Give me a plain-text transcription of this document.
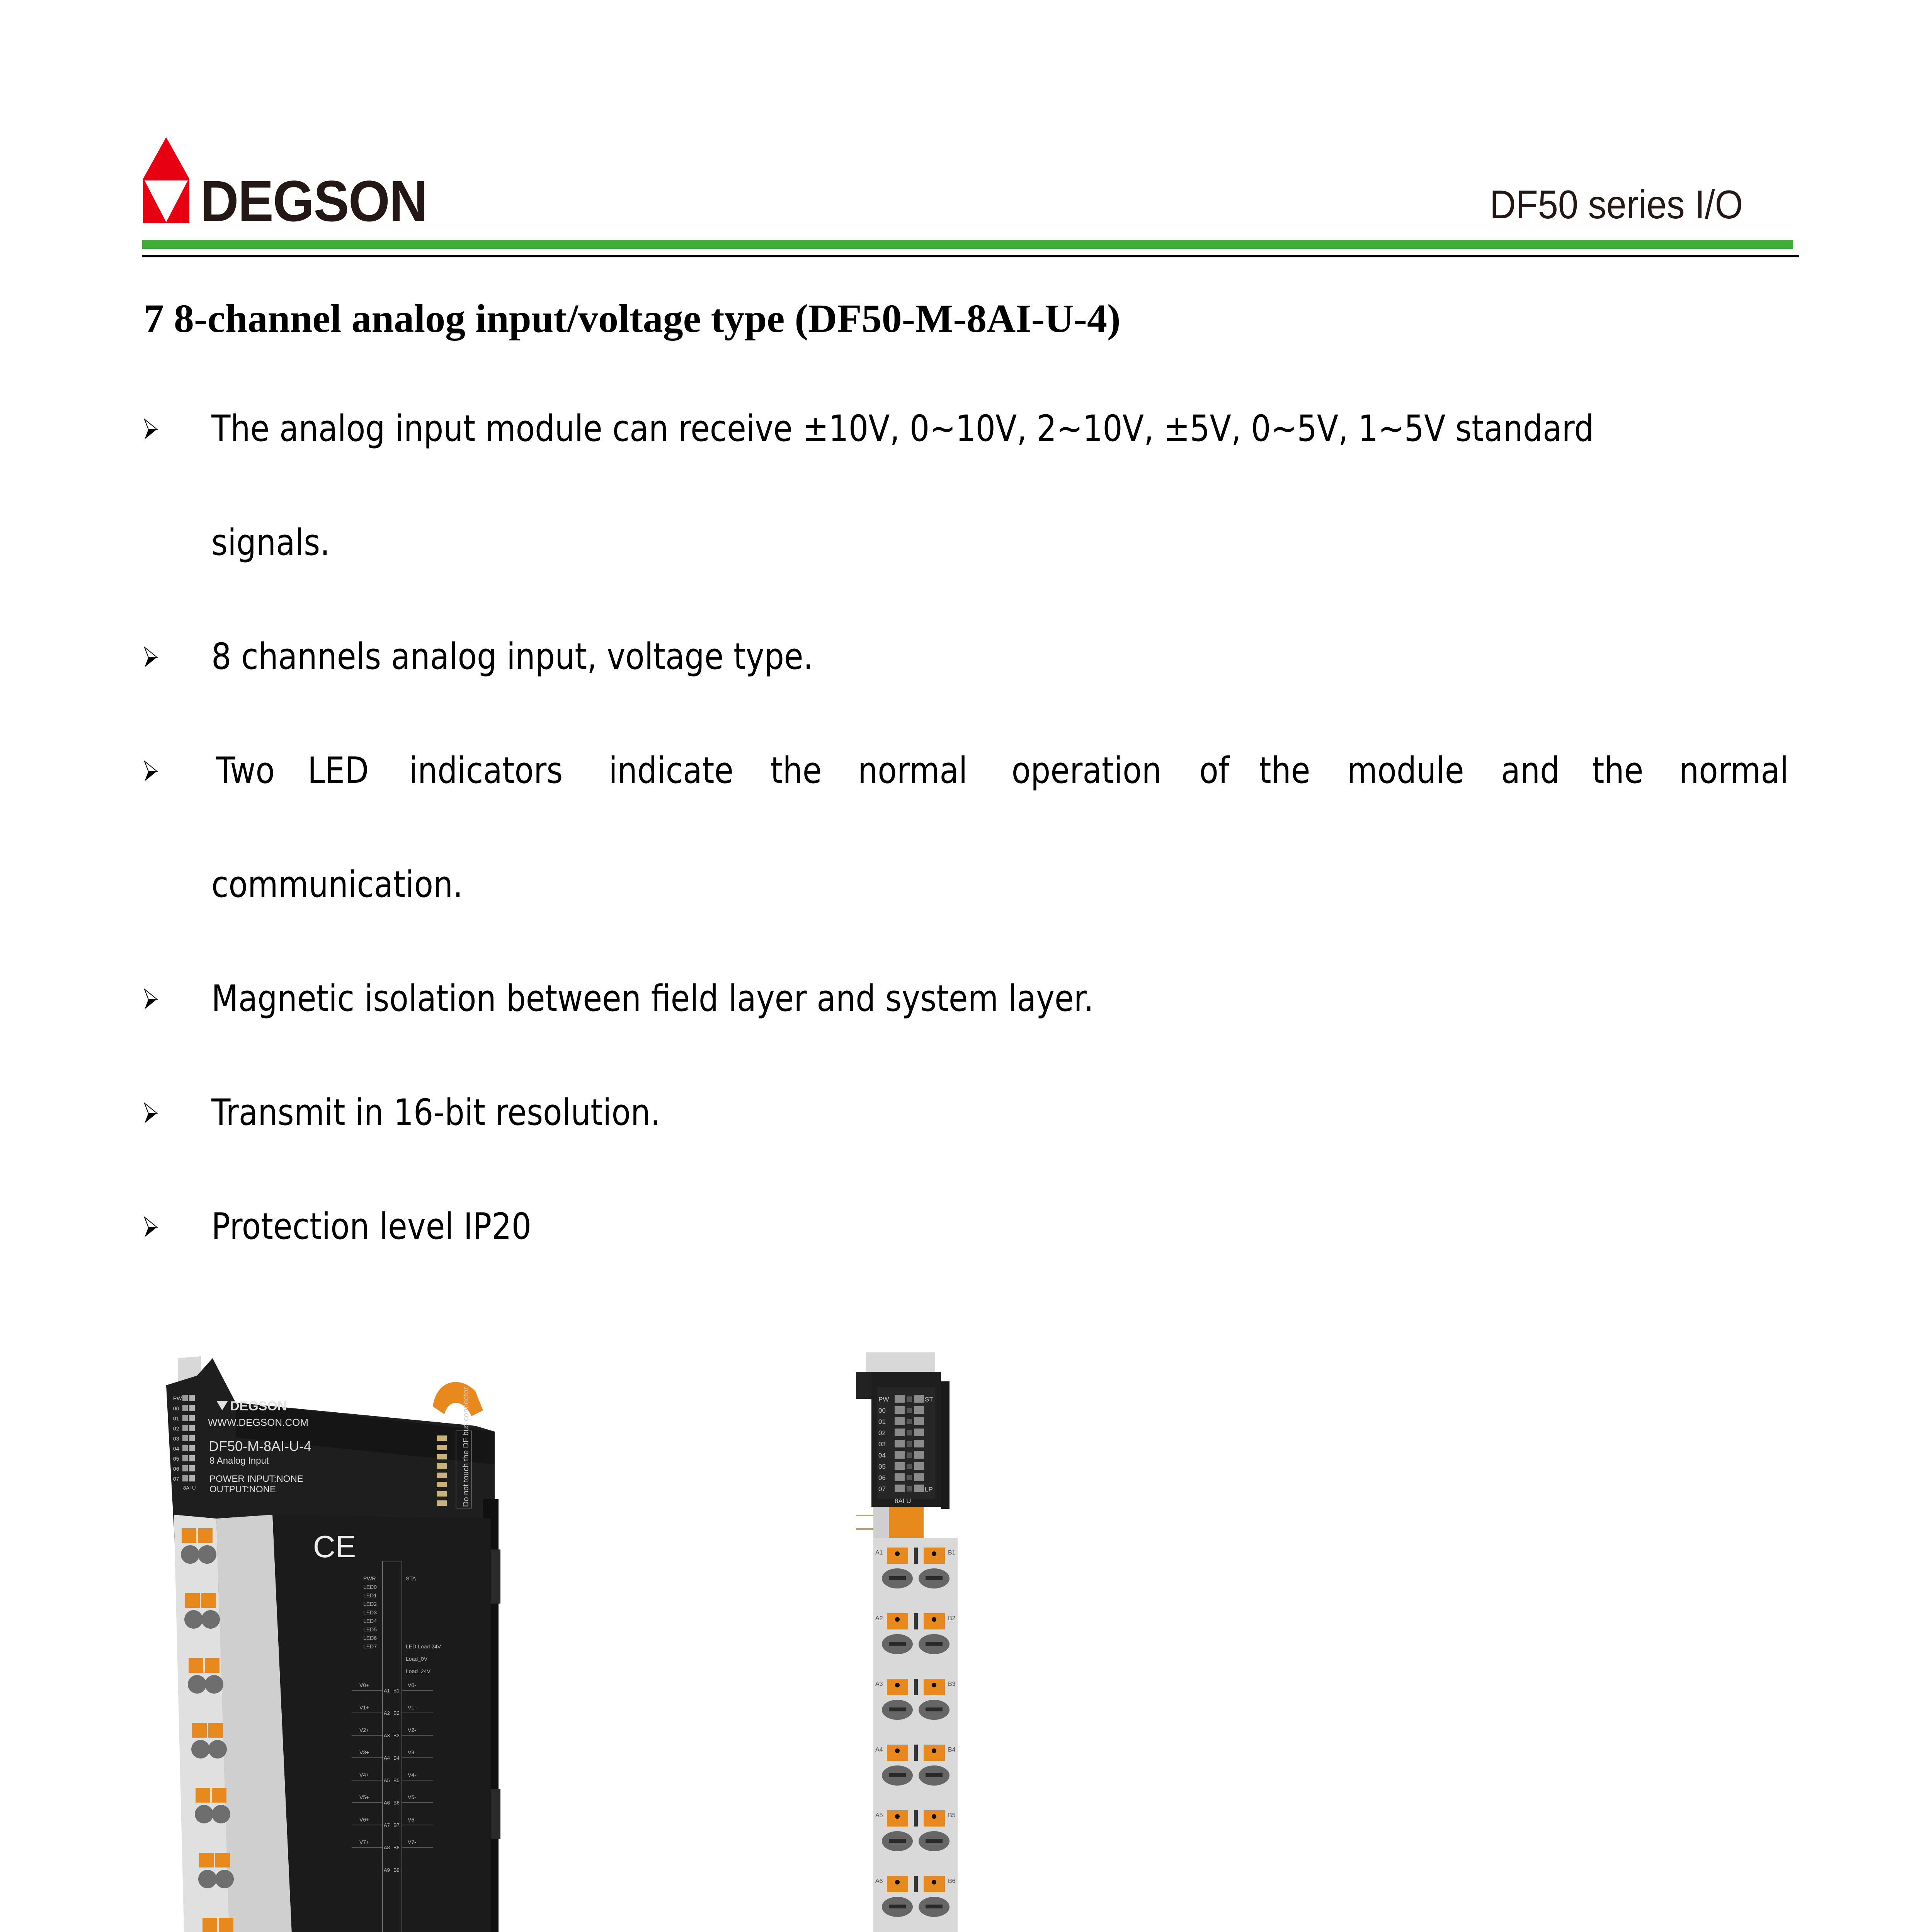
DEGSON	DF50 series I/O
7 8-channel analog input/voltage type (DF50-M-8AI-U-4)
The analog input module can receive ±10V, 0~10V, 2~10V, ±5V, 0~5V, 1~5V standard
signals.
8 channels analog input, voltage type.
Two LED indicators indicate the normal operation of the module and the normal
communication.
Magnetic isolation between field layer and system layer.
Transmit in 16-bit resolution.
Protection level IP20
PW
00
01
02
03
04
05
06
07
8AI U
DEGSON
WWW.DEGSON.COM
DF50-M-8AI-U-4
8 Analog Input
POWER INPUT:NONE
OUTPUT:NONE	Do not touch the DF bus connector
CE
PWR
LED0
LED1
LED2
LED3
LED4
LED5
LED6
LED7
STA
LED Load 24V
Load_0V
Load_24V
A1 B1
V0+	V0-
A2 B2
V1+	V1-
A3 B3
V2+	V2-
A4 B4
V3+	V3-
A5 B5
V4+	V4-
A6 B6
V5+	V5-
A7 B7
V6+	V6-
A8 B8
V7+	V7-
A9 B9
PW
00
01
02
03
04
05
06
07
ST
LP
8AI U
A1	B1
A2	B2
A3	B3
A4	B4
A5	B5
A6	B6
